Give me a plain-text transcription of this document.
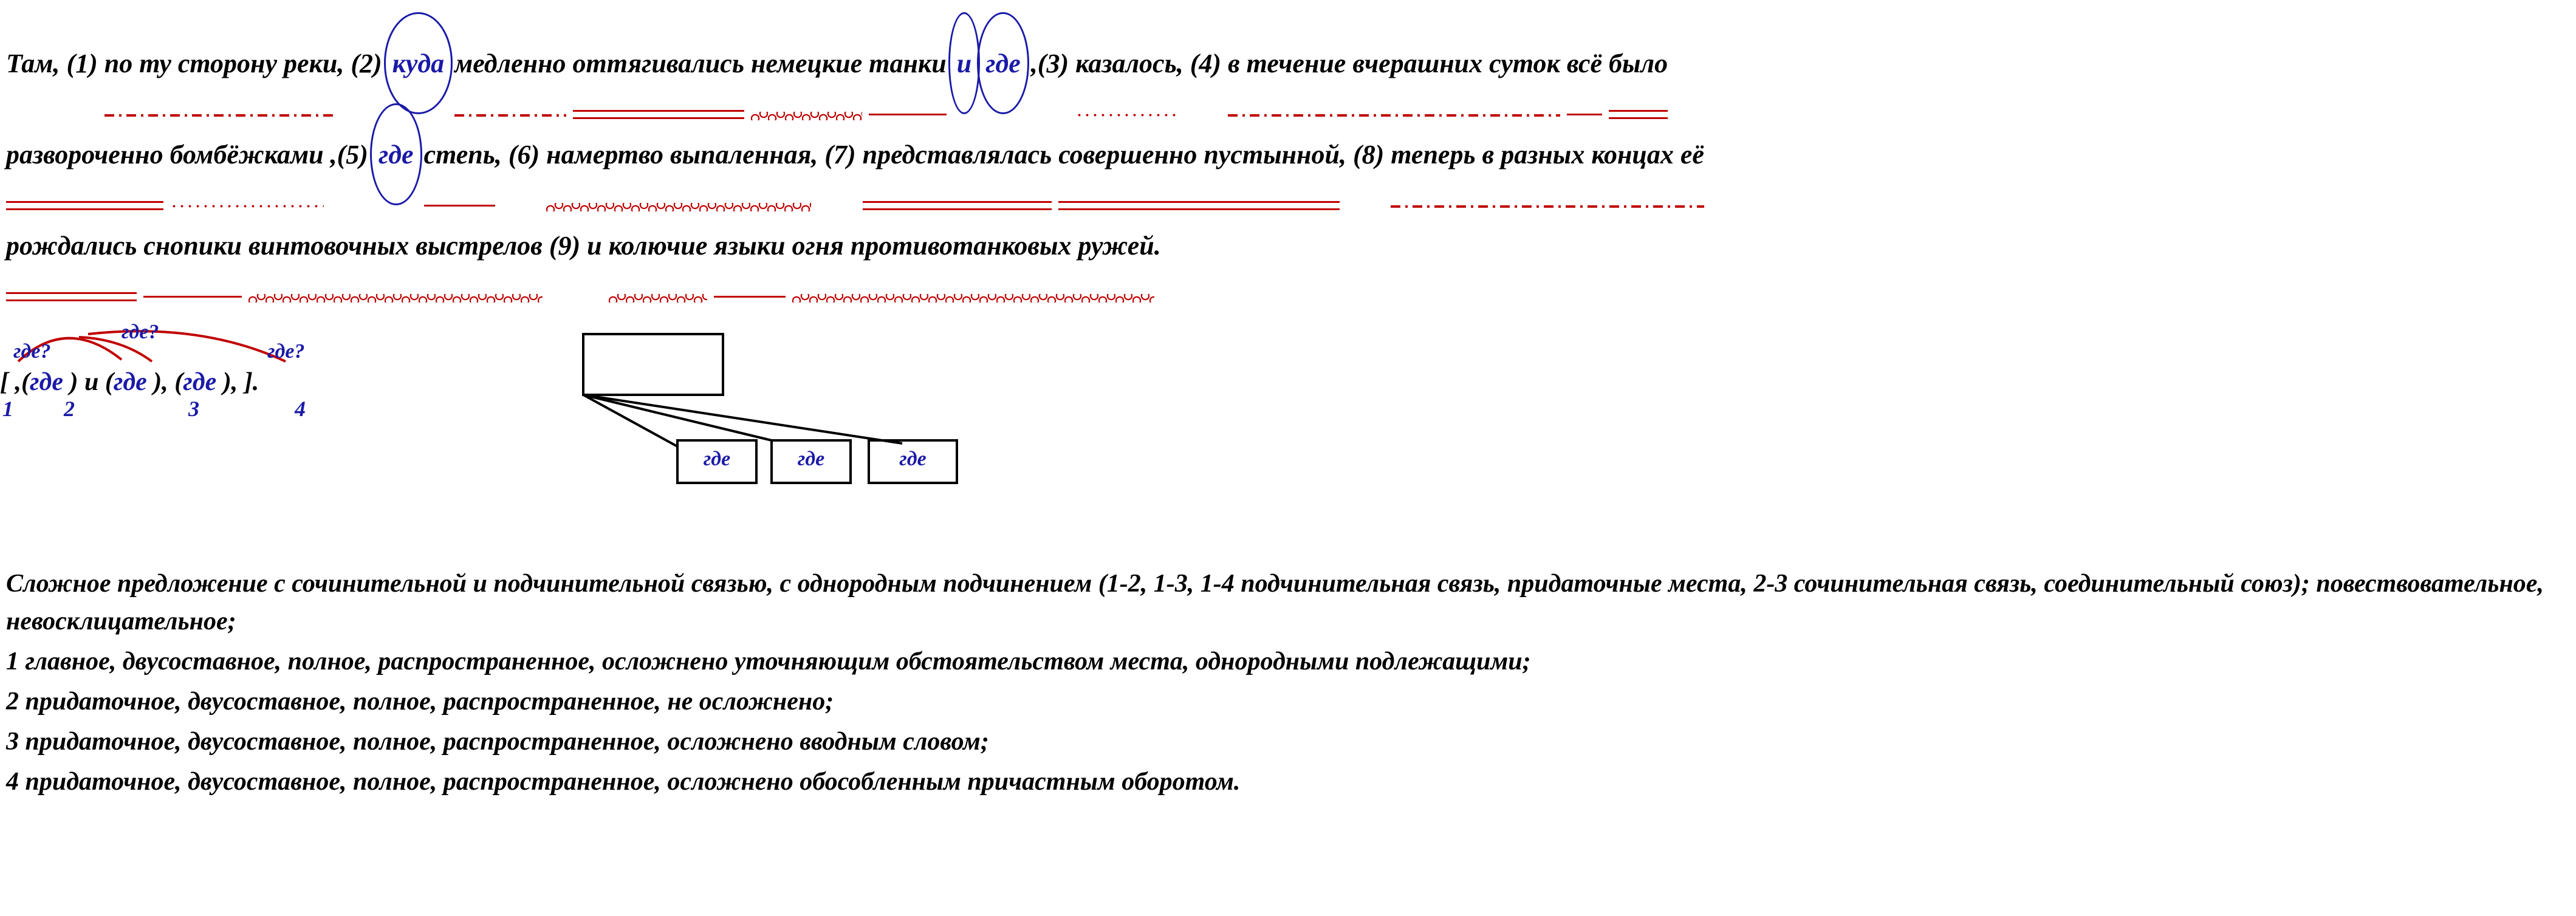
Там, (1) по ту сторону реки, (2) куда медленно оттягивались немецкие танки и где ,(3) казалось, (4) в течение вчерашних суток всё было
развороченно бомбёжками ,(5) где степь, (6) намертво выпаленная, (7) представлялась совершенно пустынной, (8) теперь в разных концах её
рождались снопики винтовочных выстрелов (9) и колючие языки огня противотанковых ружей.
где?
где?
где?
[ ,(где ) и (где ), (где ), ].
1 2	3	4
где	где	где

Сложное предложение с сочинительной и подчинительной связью, с однородным подчинением (1-2, 1-3, 1-4 подчинительная связь, придаточные места, 2-3 сочинительная связь, соединительный союз); повествовательное, невосклицательное;

1 главное, двусоставное, полное, распространенное, осложнено уточняющим обстоятельством места, однородными подлежащими;

2 придаточное, двусоставное, полное, распространенное, не осложнено;

3 придаточное, двусоставное, полное, распространенное, осложнено вводным словом;

4 придаточное, двусоставное, полное, распространенное, осложнено обособленным причастным оборотом.
